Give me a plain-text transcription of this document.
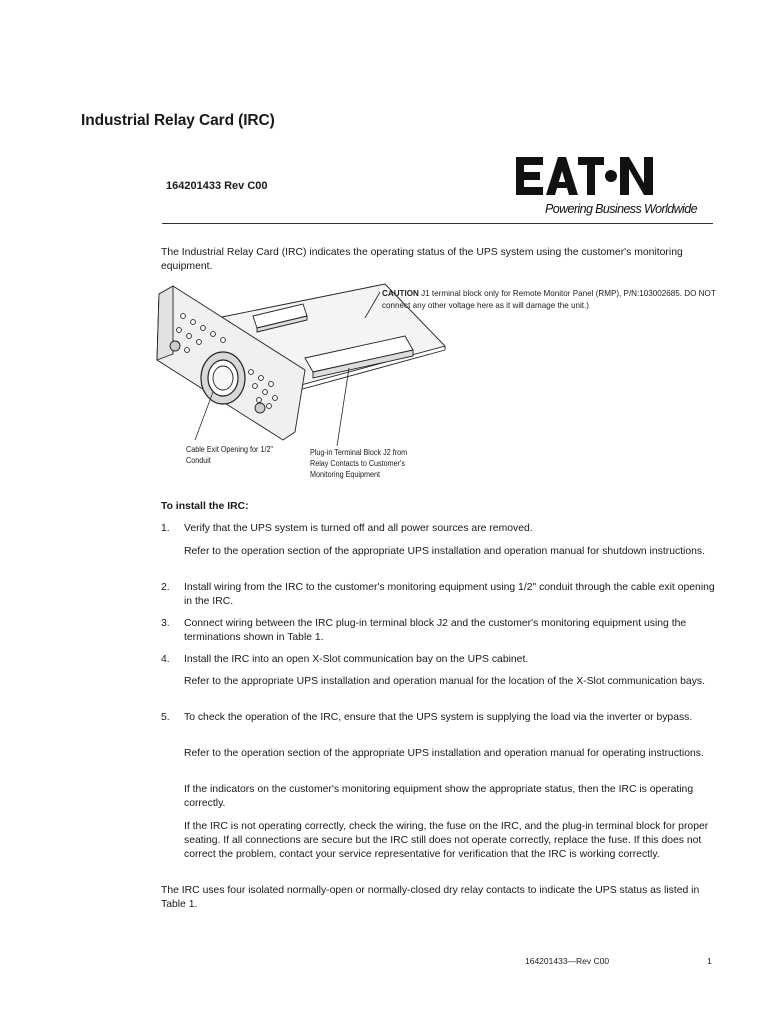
Industrial Relay Card (IRC)
164201433 Rev C00
Powering Business Worldwide
The Industrial Relay Card (IRC) indicates the operating status of the UPS system using the customer's monitoring equipment.
CAUTION J1 terminal block only for Remote Monitor Panel (RMP), P/N:103002685. DO NOT connect any other voltage here as it will damage the unit.)
Cable Exit Opening for 1/2" Conduit
Plug-in Terminal Block J2 from Relay Contacts to Customer's Monitoring Equipment
To install the IRC:
1. Verify that the UPS system is turned off and all power sources are removed.
Refer to the operation section of the appropriate UPS installation and operation manual for shutdown instructions.
2. Install wiring from the IRC to the customer's monitoring equipment using 1/2" conduit through the cable exit opening in the IRC.
3. Connect wiring between the IRC plug-in terminal block J2 and the customer's monitoring equipment using the terminations shown in Table 1.
4. Install the IRC into an open X-Slot communication bay on the UPS cabinet.
Refer to the appropriate UPS installation and operation manual for the location of the X-Slot communication bays.
5. To check the operation of the IRC, ensure that the UPS system is supplying the load via the inverter or bypass.
Refer to the operation section of the appropriate UPS installation and operation manual for operating instructions.
If the indicators on the customer's monitoring equipment show the appropriate status, then the IRC is operating correctly.
If the IRC is not operating correctly, check the wiring, the fuse on the IRC, and the plug-in terminal block for proper seating. If all connections are secure but the IRC still does not operate correctly, replace the fuse. If this does not correct the problem, contact your service representative for verification that the IRC is working correctly.
The IRC uses four isolated normally-open or normally-closed dry relay contacts to indicate the UPS status as listed in Table 1.
164201433—Rev C00	1
